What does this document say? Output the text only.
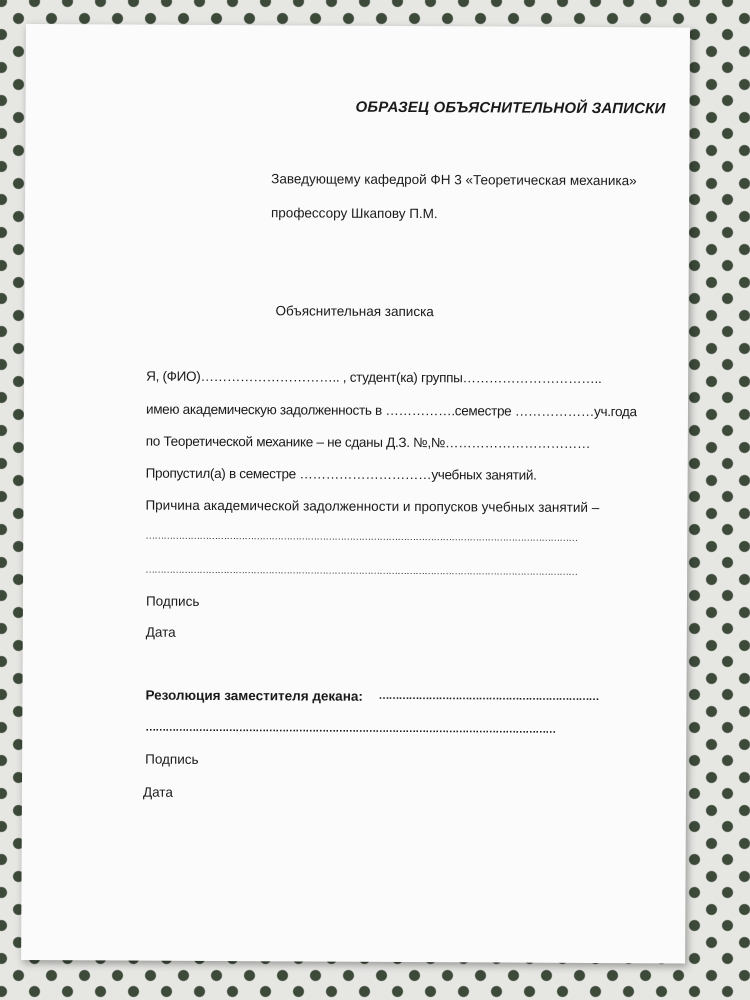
ОБРАЗЕЦ ОБЪЯСНИТЕЛЬНОЙ ЗАПИСКИ
Заведующему кафедрой ФН 3 «Теоретическая механика»
профессору Шкапову П.М.
Объяснительная записка
Я, (ФИО)………………………….. , студент(ка) группы…………………………..
имею академическую задолженность в …………….семестре ………………уч.года
по Теоретической механике – не сданы Д.З. №,№……………………………
Пропустил(а) в семестре …………………………учебных занятий.
Причина академической задолженности и пропусков учебных занятий –
………………………………………………………………………………………………………………………………
………………………………………………………………………………………………………………………………
Подпись
Дата
Резолюция заместителя декана: …………………………………………………………
……………………………………………………………………………………………………………
Подпись
Дата
